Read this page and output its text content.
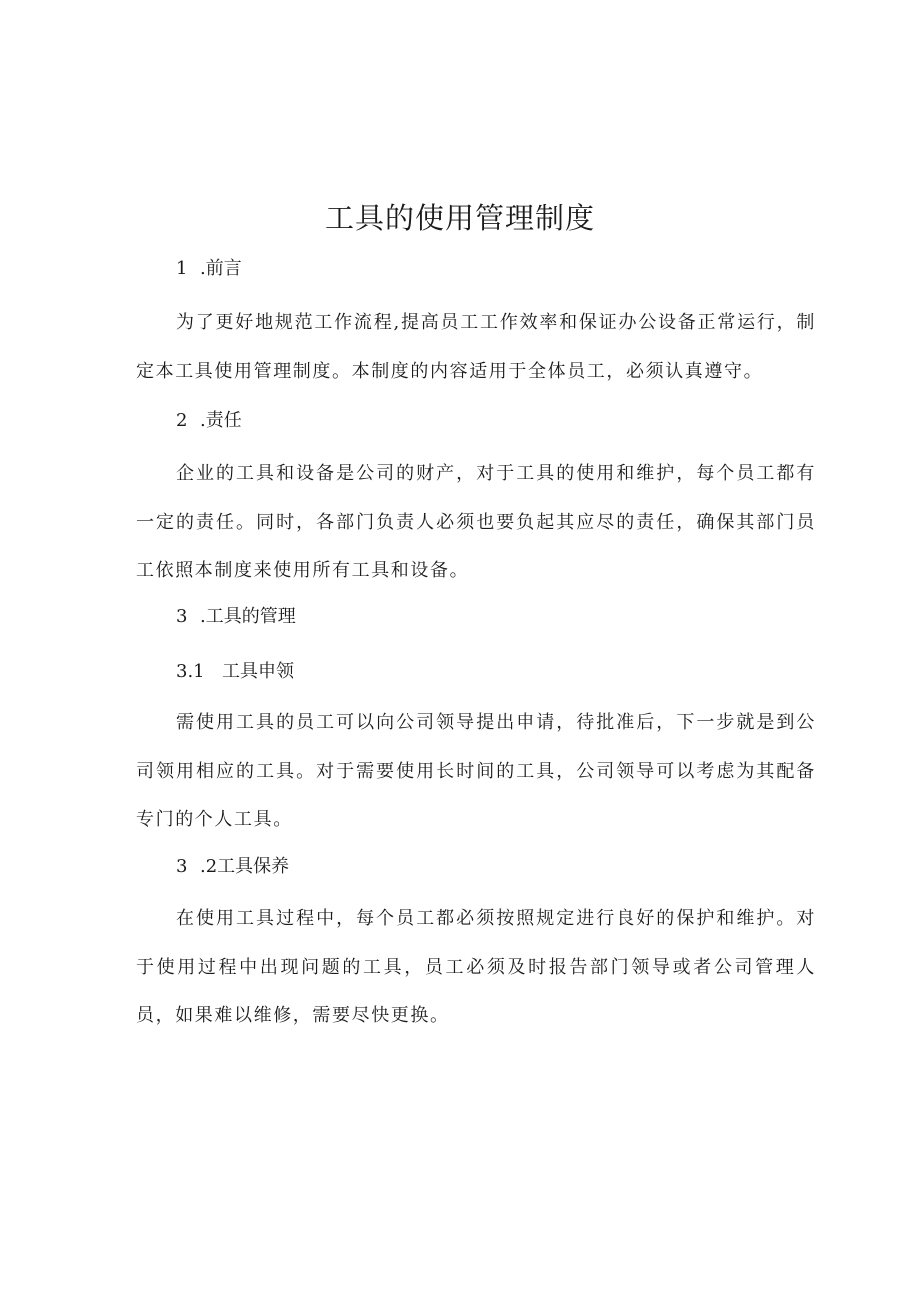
工具的使用管理制度
1 .前言
为了更好地规范工作流程,提高员工工作效率和保证办公设备正常运行，制定本工具使用管理制度。本制度的内容适用于全体员工，必须认真遵守。
2 .责任
企业的工具和设备是公司的财产，对于工具的使用和维护，每个员工都有一定的责任。同时，各部门负责人必须也要负起其应尽的责任，确保其部门员工依照本制度来使用所有工具和设备。
3 .工具的管理
3.1 工具申领
需使用工具的员工可以向公司领导提出申请，待批准后，下一步就是到公司领用相应的工具。对于需要使用长时间的工具，公司领导可以考虑为其配备专门的个人工具。
3 .2工具保养
在使用工具过程中，每个员工都必须按照规定进行良好的保护和维护。对于使用过程中出现问题的工具，员工必须及时报告部门领导或者公司管理人员，如果难以维修，需要尽快更换。
